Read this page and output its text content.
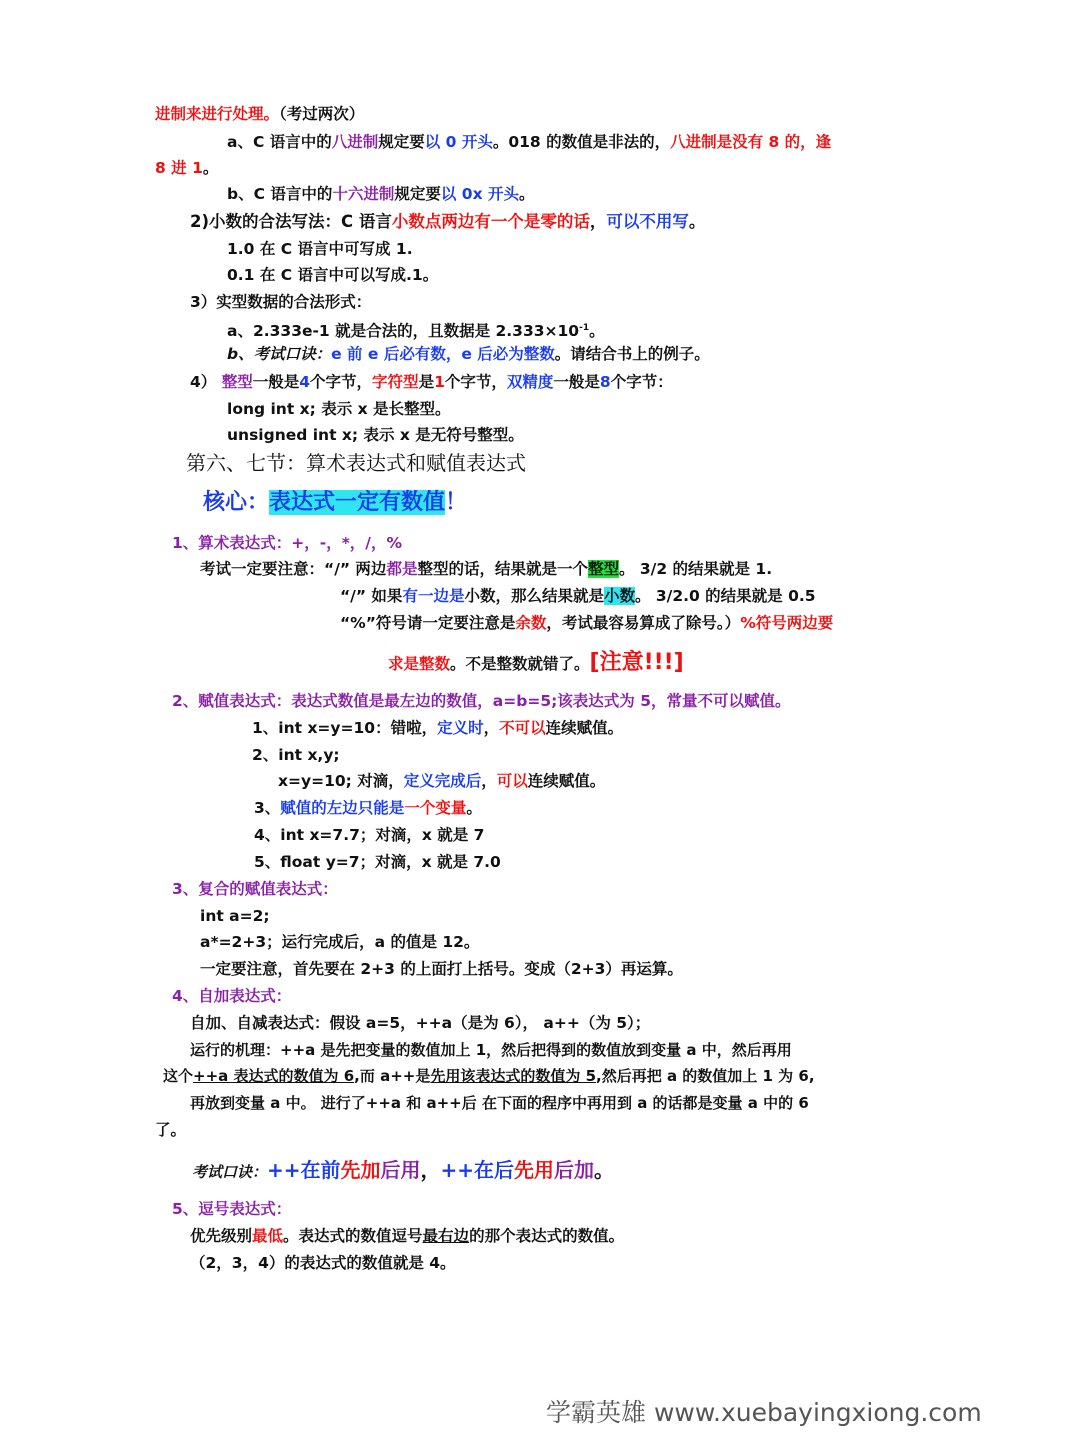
进制来进行处理。（考过两次）
a、C 语言中的八进制规定要以 0 开头。018 的数值是非法的，八进制是没有 8 的，逢
8 进 1。
b、C 语言中的十六进制规定要以 0x 开头。
2)小数的合法写法：C 语言小数点两边有一个是零的话，可以不用写。
1.0 在 C 语言中可写成 1.
0.1 在 C 语言中可以写成.1。
3）实型数据的合法形式：
a、2.333e-1 就是合法的，且数据是 $2.333\times 10^{-1}$。
b、考试口诀：e 前 e 后必有数，e 后必为整数。请结合书上的例子。
4） 整型一般是4个字节，字符型是1个字节，双精度一般是8个字节：
long int x; 表示 x 是长整型。
unsigned int x; 表示 x 是无符号整型。
第六、七节：算术表达式和赋值表达式
核心：表达式一定有数值！
1、算术表达式：+，-，*，/，%
考试一定要注意：“/” 两边都是整型的话，结果就是一个整型。 3/2 的结果就是 1.
“/” 如果有一边是小数，那么结果就是小数。 3/2.0 的结果就是 0.5
“%”符号请一定要注意是余数，考试最容易算成了除号。）%符号两边要
求是整数。不是整数就错了。[注意!!!]
2、赋值表达式：表达式数值是最左边的数值，a=b=5;该表达式为 5，常量不可以赋值。
1、int x=y=10：错啦，定义时，不可以连续赋值。
2、int x,y;
x=y=10; 对滴，定义完成后，可以连续赋值。
3、赋值的左边只能是一个变量。
4、int x=7.7；对滴，x 就是 7
5、float y=7；对滴，x 就是 7.0
3、复合的赋值表达式：
int a=2;
a*=2+3；运行完成后，a 的值是 12。
一定要注意，首先要在 2+3 的上面打上括号。变成（2+3）再运算。
4、自加表达式：
自加、自减表达式：假设 a=5，++a（是为 6）， a++（为 5）；
运行的机理：++a 是先把变量的数值加上 1，然后把得到的数值放到变量 a 中，然后再用
这个++a 表达式的数值为 6,而 a++是先用该表达式的数值为 5,然后再把 a 的数值加上 1 为 6,
再放到变量 a 中。 进行了++a 和 a++后 在下面的程序中再用到 a 的话都是变量 a 中的 6
了。
考试口诀：++在前先加后用，++在后先用后加。
5、逗号表达式：
优先级别最低。表达式的数值逗号最右边的那个表达式的数值。
（2，3，4）的表达式的数值就是 4。
学霸英雄 www.xuebayingxiong.com
